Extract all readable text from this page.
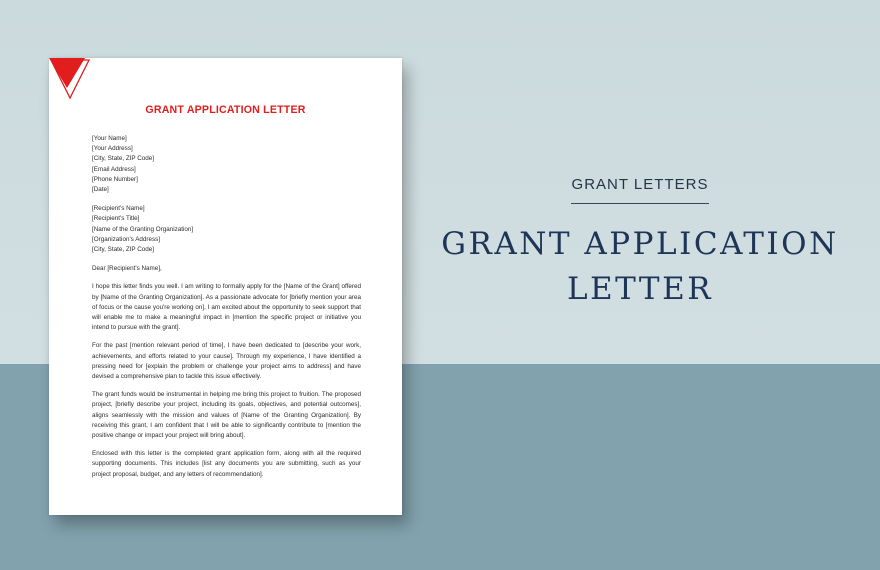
GRANT APPLICATION LETTER
[Your Name]
[Your Address]
[City, State, ZIP Code]
[Email Address]
[Phone Number]
[Date]
[Recipient's Name]
[Recipient's Title]
[Name of the Granting Organization]
[Organization's Address]
[City, State, ZIP Code]

Dear [Recipient's Name],

I hope this letter finds you well. I am writing to formally apply for the [Name of the Grant] offered by [Name of the Granting Organization]. As a passionate advocate for [briefly mention your area of focus or the cause you're working on], I am excited about the opportunity to seek support that will enable me to make a meaningful impact in [mention the specific project or initiative you intend to pursue with the grant].

For the past [mention relevant period of time], I have been dedicated to [describe your work, achievements, and efforts related to your cause]. Through my experience, I have identified a pressing need for [explain the problem or challenge your project aims to address] and have devised a comprehensive plan to tackle this issue effectively.

The grant funds would be instrumental in helping me bring this project to fruition. The proposed project, [briefly describe your project, including its goals, objectives, and potential outcomes], aligns seamlessly with the mission and values of [Name of the Granting Organization]. By receiving this grant, I am confident that I will be able to significantly contribute to [mention the positive change or impact your project will bring about].

Enclosed with this letter is the completed grant application form, along with all the required supporting documents. This includes [list any documents you are submitting, such as your project proposal, budget, and any letters of recommendation].

GRANT LETTERS
GRANT APPLICATION
LETTER
